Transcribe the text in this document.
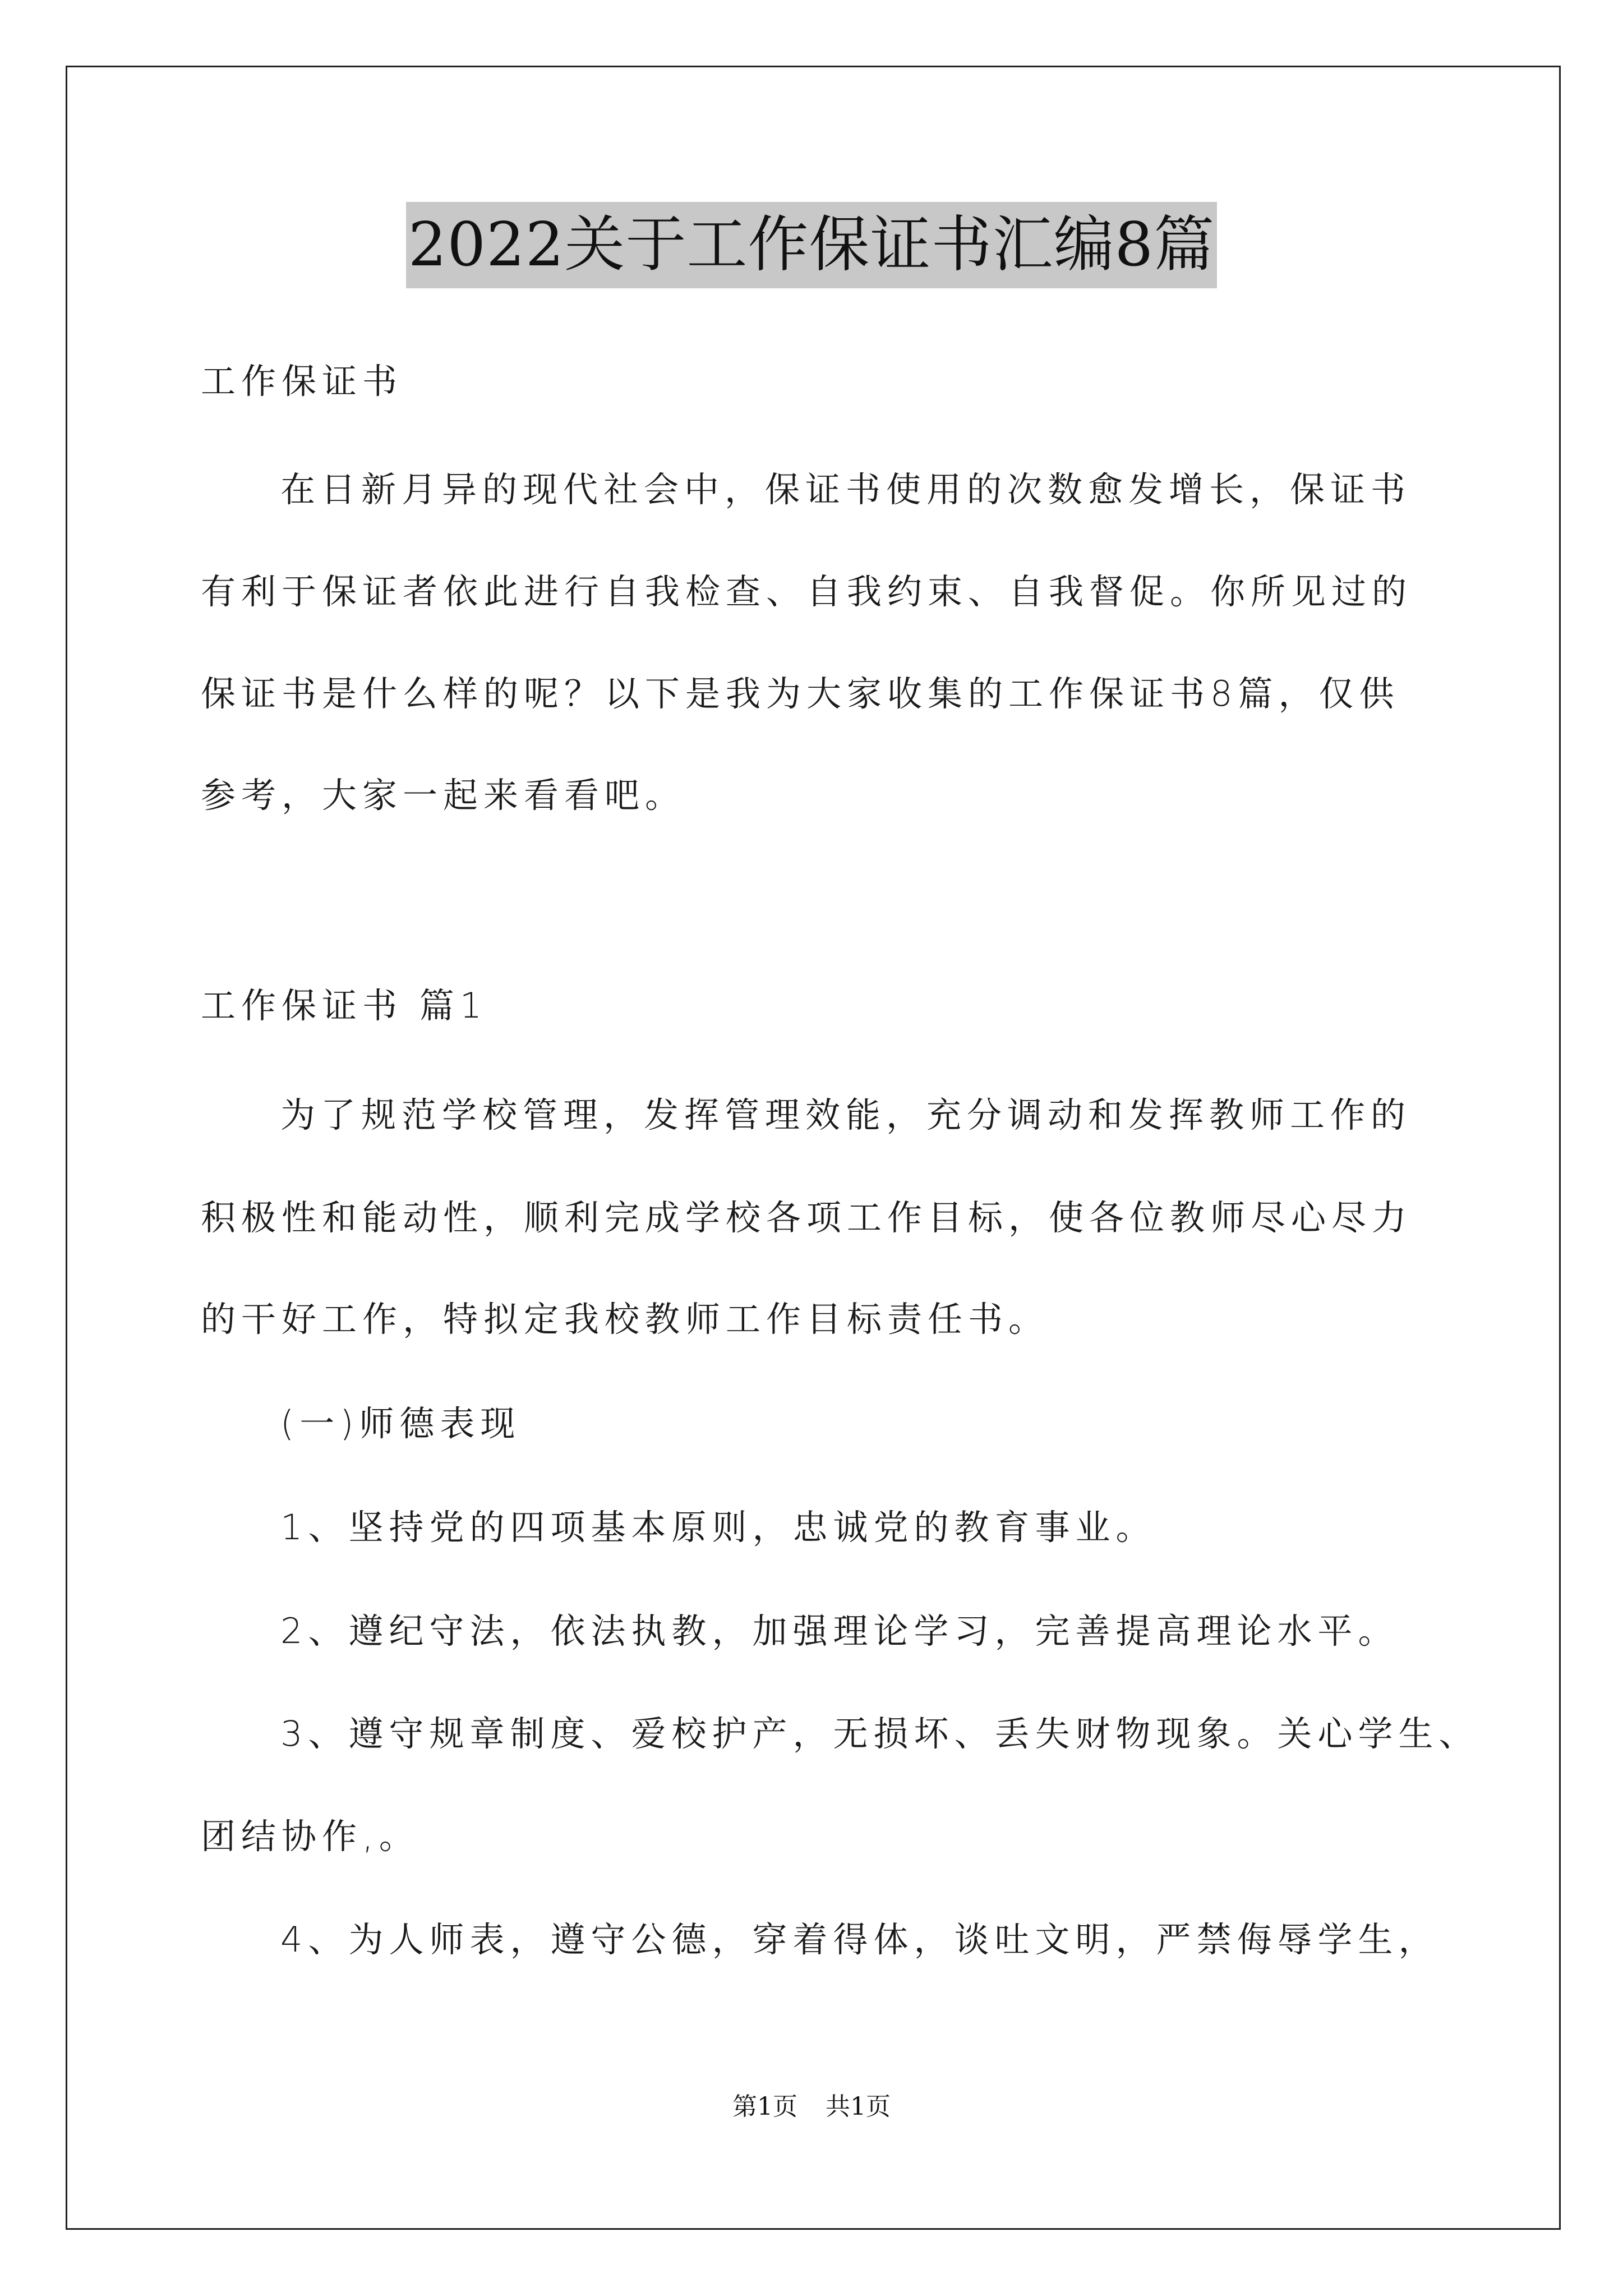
2022关于工作保证书汇编8篇
工作保证书
在日新月异的现代社会中，保证书使用的次数愈发增长，保证书
有利于保证者依此进行自我检查、自我约束、自我督促。你所见过的
保证书是什么样的呢？以下是我为大家收集的工作保证书8篇，仅供
参考，大家一起来看看吧。
工作保证书 篇1
为了规范学校管理，发挥管理效能，充分调动和发挥教师工作的
积极性和能动性，顺利完成学校各项工作目标，使各位教师尽心尽力
的干好工作，特拟定我校教师工作目标责任书。
(一)师德表现
1、坚持党的四项基本原则，忠诚党的教育事业。
2、遵纪守法，依法执教，加强理论学习，完善提高理论水平。
3、遵守规章制度、爱校护产，无损坏、丢失财物现象。关心学生、
团结协作,。
4、为人师表，遵守公德，穿着得体，谈吐文明，严禁侮辱学生，
第1页 共1页
